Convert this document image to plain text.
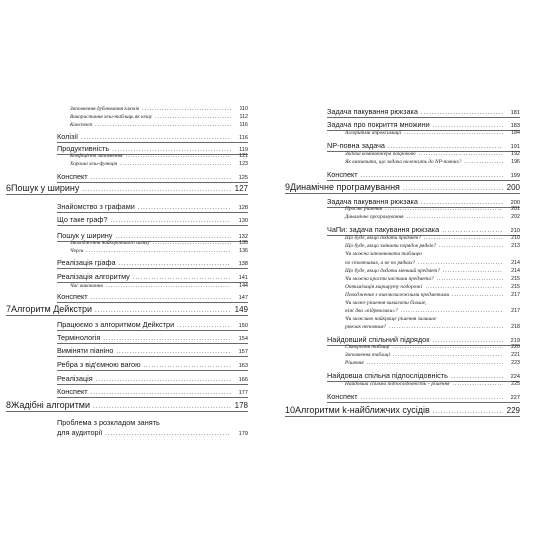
Заповнення дублювання ключів .....	110
Використання хеш-таблиць як кешу .....	112
Конспект .....	116
Колізії .....	116
Продуктивність .....	119
Коефіцієнт заповнення .....	121
Хороша хеш-функція .....	123
Конспект .....	125
6 Пошук у ширину .....	127
Знайомство з графами .....	128
Що таке граф? .....	130
Пошук у ширину .....	132
Знаходження найкоротшого шляху .....	135
Черги .....	136
Реалізація графа .....	138
Реалізація алгоритму .....	141
Час виконання .....	144
Конспект .....	147
7 Алгоритм Дейкстри .....	149
Працюємо з алгоритмом Дейкстри .....	150
Термінологія .....	154
Виміняти піаніно .....	157
Ребра з від'ємною вагою .....	163
Реалізація .....	166
Конспект .....	177
8 Жадібні алгоритми .....	178
Проблема з розкладом занять
для аудиторії .....	179
Задача пакування рюкзака .....	181
Задача про покриття множини .....	183
Алгоритми апроксимації .....	184
NP-повна задача .....	191
Задача комівояжера покроково .....	192
Як визначити, що задача належить до NP-повних? .....	196
Конспект .....	199
9 Динамічне програмування .....	200
Задача пакування рюкзака .....	200
Простє рішення .....	201
Динамічне програмування .....	202
ЧаПи: задача пакування рюкзака .....	210
Що буде, якщо додати предмет? .....	210
Що буде, якщо змінити порядок рядків? .....	213
Чи можна заповнювати таблицю
по стовпчиках, а не по рядках? .....	214
Що буде, якщо додати менший предмет? .....	214
Чи можна красти частини предмета? .....	215
Оптимізація маршруту подорожі .....	215
Поводження з взаємозалежними предметами .....	217
Чи може рішення вимагати більше,
ніж два «підрюкзаки»? .....	217
Чи можливо найкраще рішення залишає
рюкзак неповним? .....	218
Найдовший спільний підрядок .....	219
Створення таблиці .....	220
Заповнення таблиці .....	221
Рішення .....	223
Найдовша спільна підпослідовність .....	224
Найдовша спільна підпослідовність – рішення .....	225
Конспект .....	227
10 Алгоритми k-найближчих сусідів .....	229
